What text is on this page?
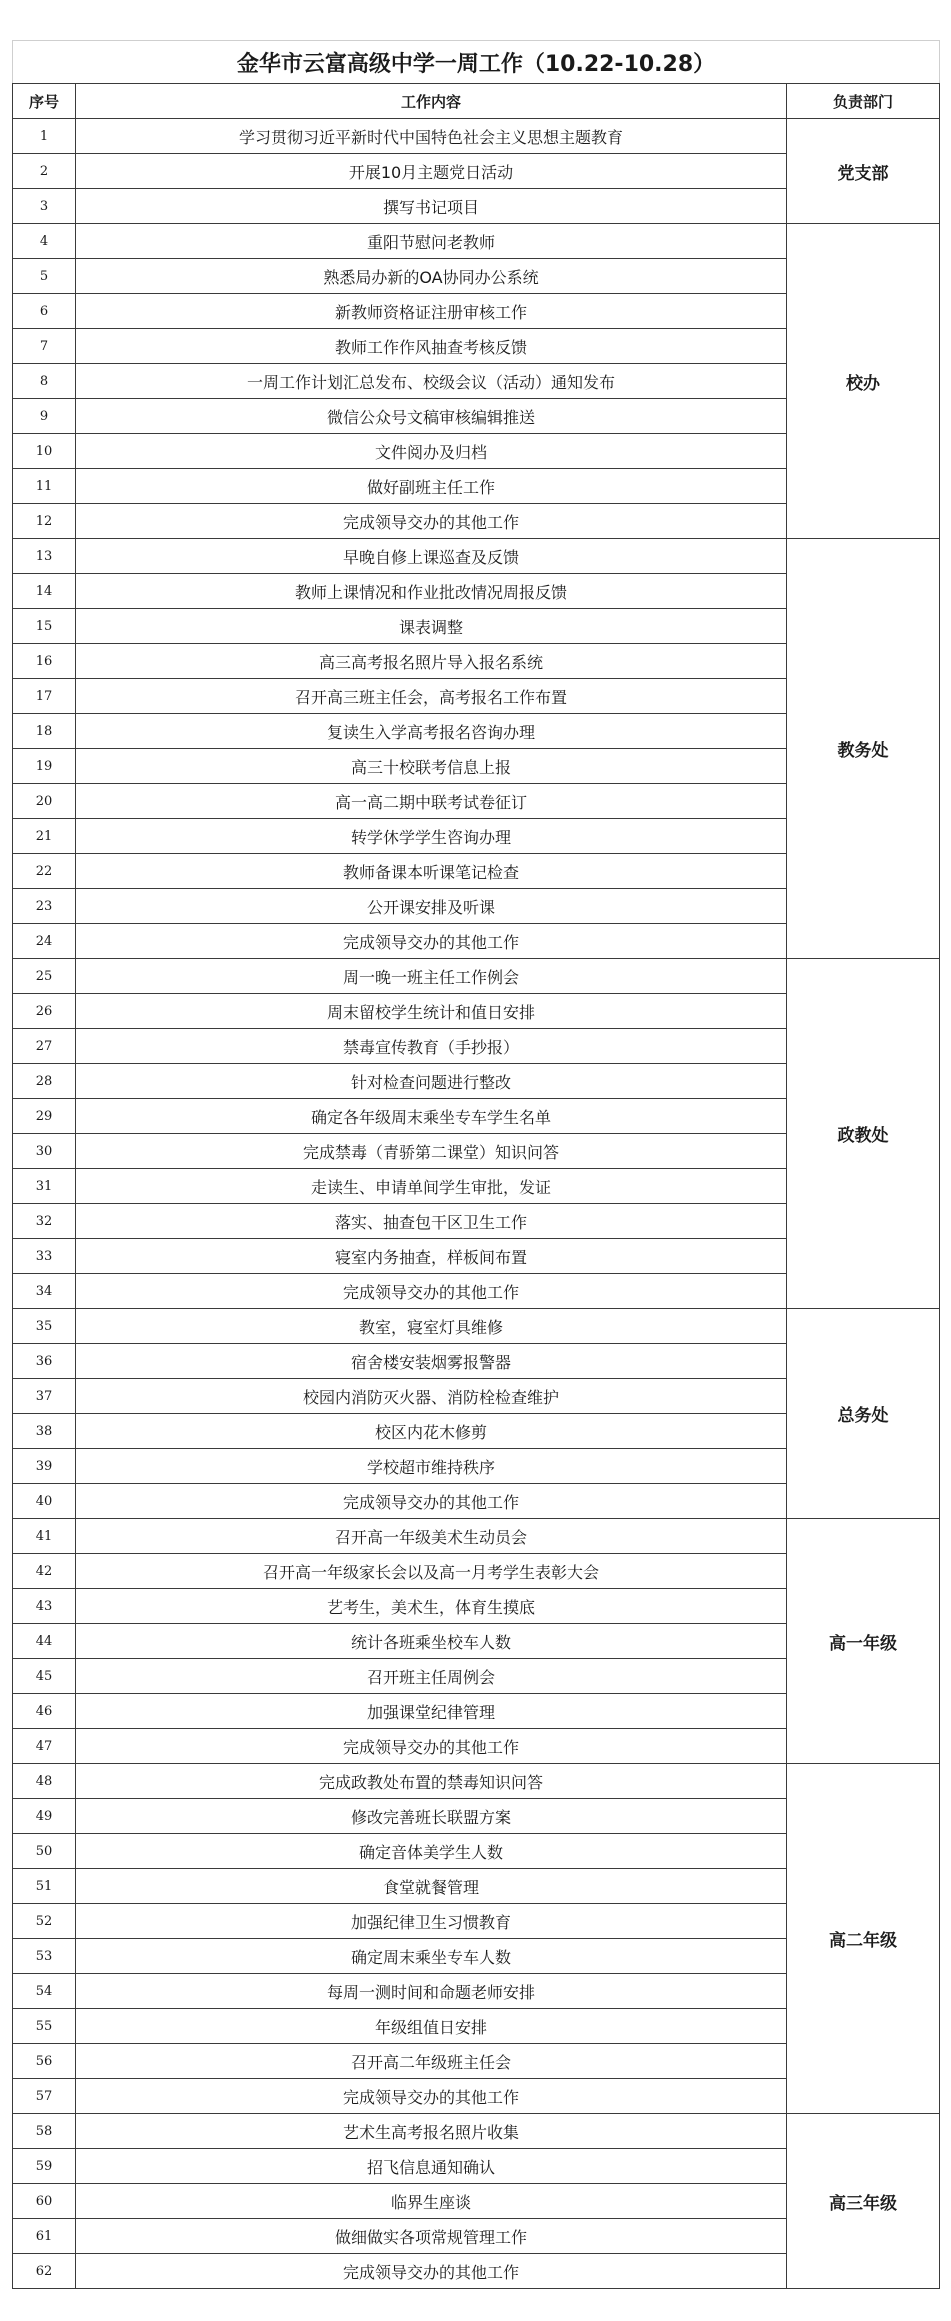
金华市云富高级中学一周工作（10.22-10.28）		
序号	工作内容	负责部门
1	学习贯彻习近平新时代中国特色社会主义思想主题教育	党支部
2	开展10月主题党日活动	
3	撰写书记项目	
4	重阳节慰问老教师	校办
5	熟悉局办新的OA协同办公系统	
6	新教师资格证注册审核工作	
7	教师工作作风抽查考核反馈	
8	一周工作计划汇总发布、校级会议（活动）通知发布	
9	微信公众号文稿审核编辑推送	
10	文件阅办及归档	
11	做好副班主任工作	
12	完成领导交办的其他工作	
13	早晚自修上课巡查及反馈	教务处
14	教师上课情况和作业批改情况周报反馈	
15	课表调整	
16	高三高考报名照片导入报名系统	
17	召开高三班主任会，高考报名工作布置	
18	复读生入学高考报名咨询办理	
19	高三十校联考信息上报	
20	高一高二期中联考试卷征订	
21	转学休学学生咨询办理	
22	教师备课本听课笔记检查	
23	公开课安排及听课	
24	完成领导交办的其他工作	
25	周一晚一班主任工作例会	政教处
26	周末留校学生统计和值日安排	
27	禁毒宣传教育（手抄报）	
28	针对检查问题进行整改	
29	确定各年级周末乘坐专车学生名单	
30	完成禁毒（青骄第二课堂）知识问答	
31	走读生、申请单间学生审批，发证	
32	落实、抽查包干区卫生工作	
33	寝室内务抽查，样板间布置	
34	完成领导交办的其他工作	
35	教室，寝室灯具维修	总务处
36	宿舍楼安装烟雾报警器	
37	校园内消防灭火器、消防栓检查维护	
38	校区内花木修剪	
39	学校超市维持秩序	
40	完成领导交办的其他工作	
41	召开高一年级美术生动员会	高一年级
42	召开高一年级家长会以及高一月考学生表彰大会	
43	艺考生，美术生，体育生摸底	
44	统计各班乘坐校车人数	
45	召开班主任周例会	
46	加强课堂纪律管理	
47	完成领导交办的其他工作	
48	完成政教处布置的禁毒知识问答	高二年级
49	修改完善班长联盟方案	
50	确定音体美学生人数	
51	食堂就餐管理	
52	加强纪律卫生习惯教育	
53	确定周末乘坐专车人数	
54	每周一测时间和命题老师安排	
55	年级组值日安排	
56	召开高二年级班主任会	
57	完成领导交办的其他工作	
58	艺术生高考报名照片收集	高三年级
59	招飞信息通知确认	
60	临界生座谈	
61	做细做实各项常规管理工作	
62	完成领导交办的其他工作	
